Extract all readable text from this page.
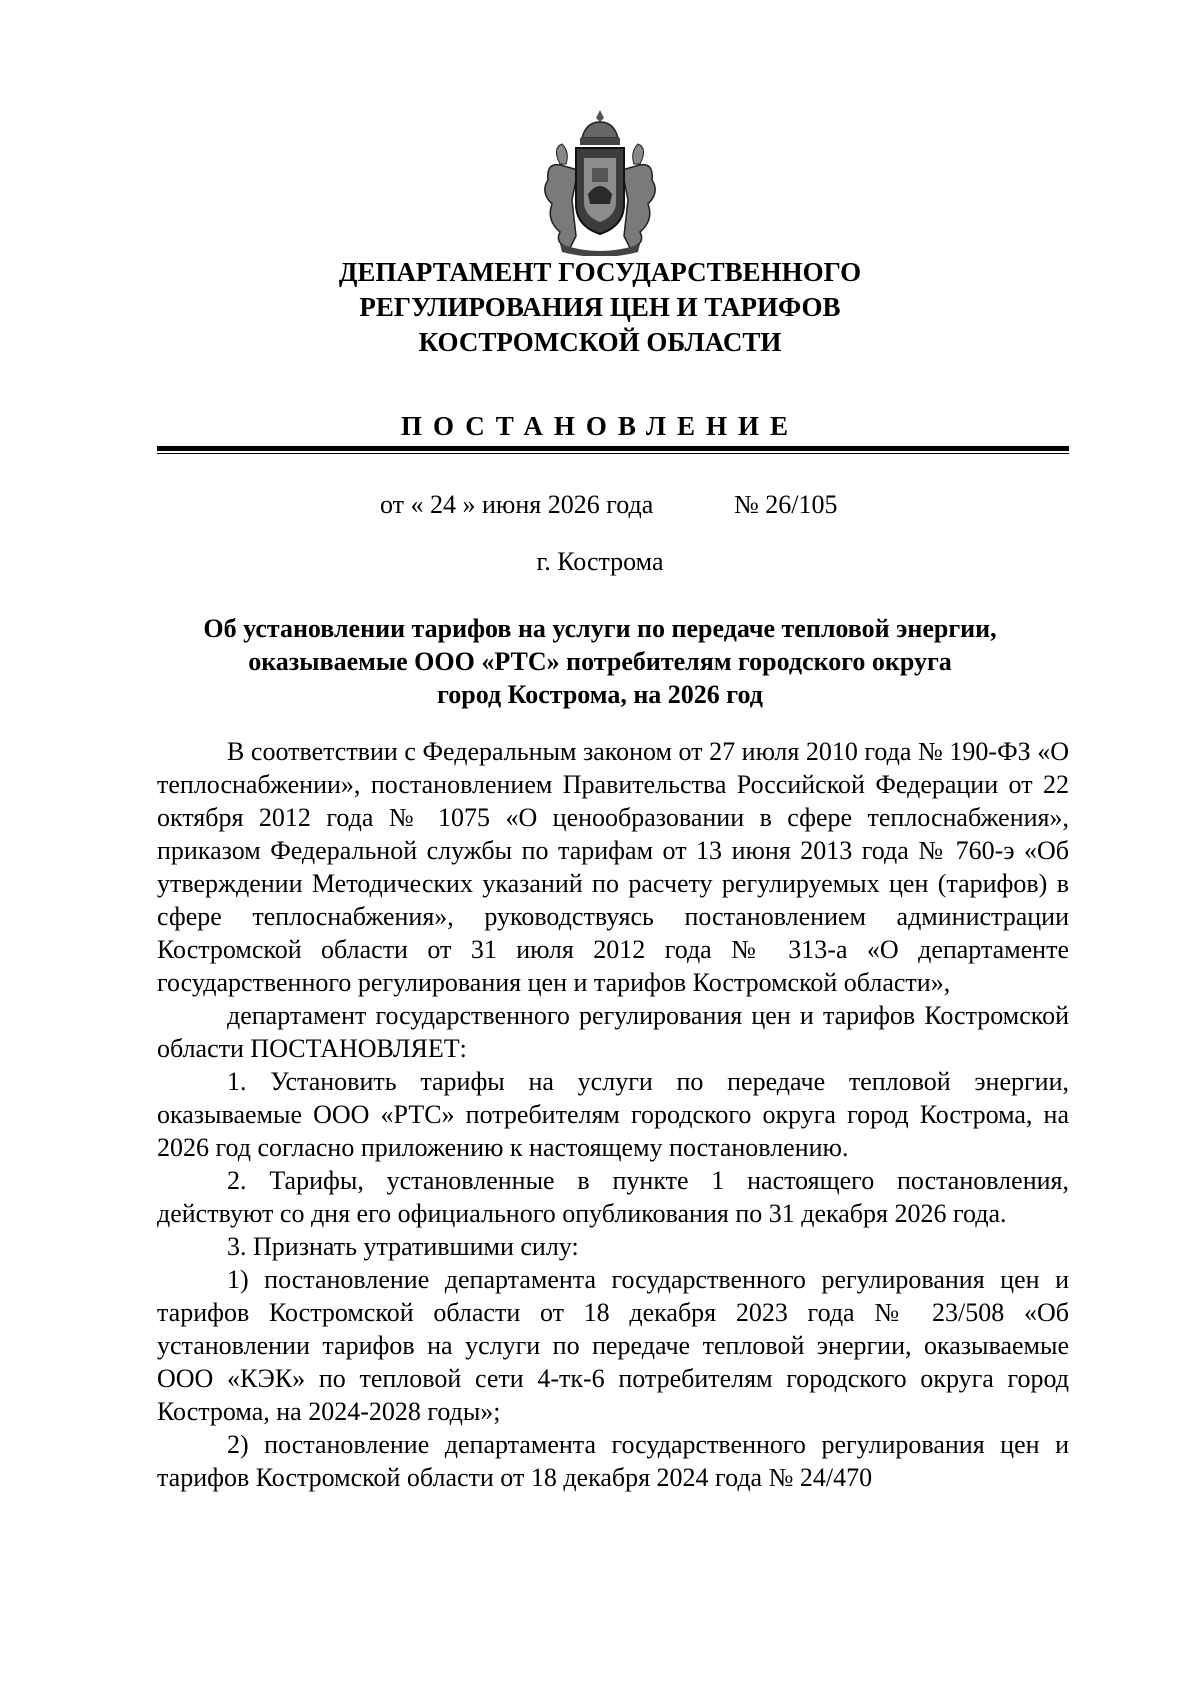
ДЕПАРТАМЕНТ ГОСУДАРСТВЕННОГО
РЕГУЛИРОВАНИЯ ЦЕН И ТАРИФОВ
КОСТРОМСКОЙ ОБЛАСТИ
ПОСТАНОВЛЕНИЕ
от « 24 » июня 2026 года	№ 26/105
г. Кострома
Об установлении тарифов на услуги по передаче тепловой энергии,
оказываемые ООО «РТС» потребителям городского округа
город Кострома, на 2026 год

В соответствии с Федеральным законом от 27 июля 2010 года № 190-ФЗ «О теплоснабжении», постановлением Правительства Российской Федерации от 22 октября 2012 года № 1075 «О ценообразовании в сфере теплоснабжения», приказом Федеральной службы по тарифам от 13 июня 2013 года № 760-э «Об утверждении Методических указаний по расчету регулируемых цен (тарифов) в сфере теплоснабжения», руководствуясь постановлением администрации Костромской области от 31 июля 2012 года № 313-а «О департаменте государственного регулирования цен и тарифов Костромской области»,

департамент государственного регулирования цен и тарифов Костромской области ПОСТАНОВЛЯЕТ:

1. Установить тарифы на услуги по передаче тепловой энергии, оказываемые ООО «РТС» потребителям городского округа город Кострома, на 2026 год согласно приложению к настоящему постановлению.

2. Тарифы, установленные в пункте 1 настоящего постановления, действуют со дня его официального опубликования по 31 декабря 2026 года.

3. Признать утратившими силу:

1) постановление департамента государственного регулирования цен и тарифов Костромской области от 18 декабря 2023 года № 23/508 «Об установлении тарифов на услуги по передаче тепловой энергии, оказываемые ООО «КЭК» по тепловой сети 4-тк-6 потребителям городского округа город Кострома, на 2024-2028 годы»;

2) постановление департамента государственного регулирования цен и тарифов Костромской области от 18 декабря 2024 года № 24/470
